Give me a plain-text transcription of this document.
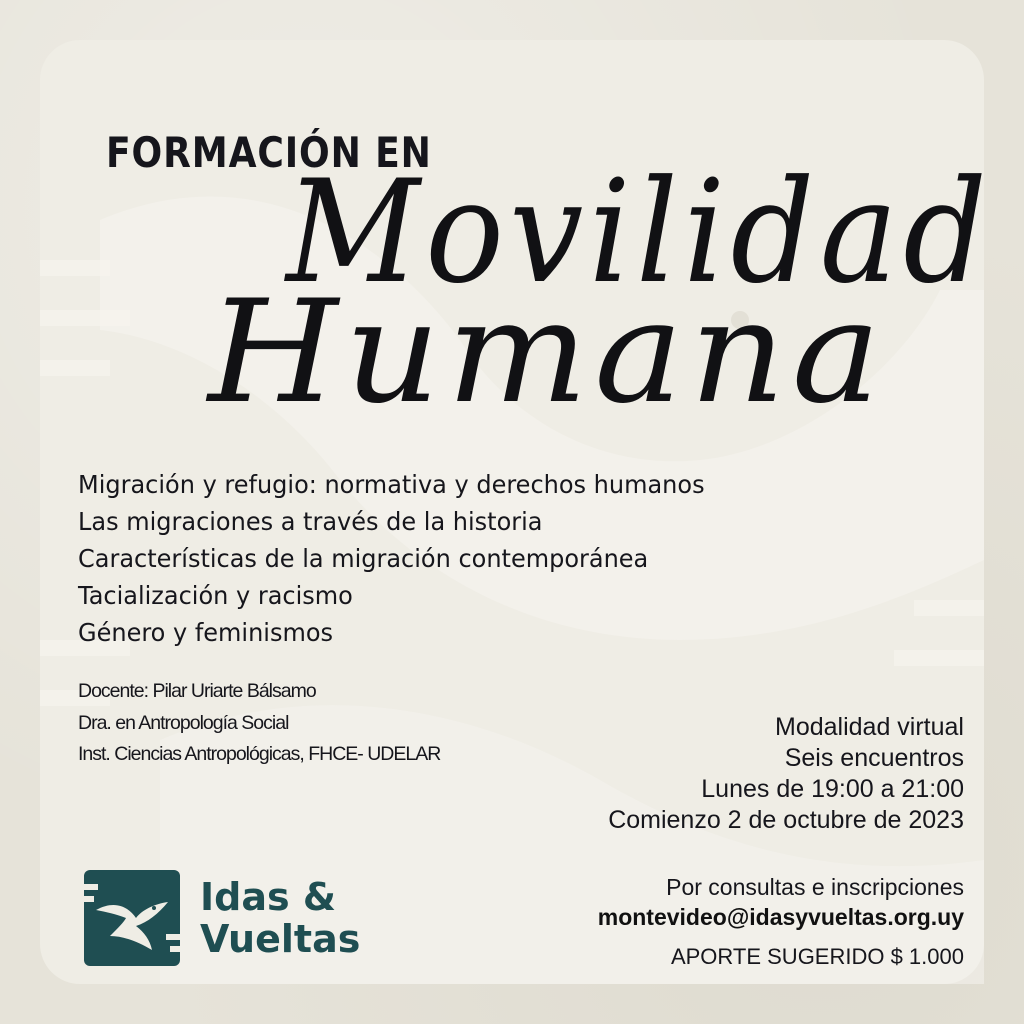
FORMACIÓN EN
Movilidad
Humana
Migración y refugio: normativa y derechos humanos
Las migraciones a través de la historia
Características de la migración contemporánea
Tacialización y racismo
Género y feminismos
Docente: Pilar Uriarte Bálsamo
Dra. en Antropología Social
Inst. Ciencias Antropológicas, FHCE- UDELAR
Modalidad virtual
Seis encuentros
Lunes de 19:00 a 21:00
Comienzo 2 de octubre de 2023
Idas &
Vueltas
Por consultas e inscripciones
montevideo@idasyvueltas.org.uy
APORTE SUGERIDO $ 1.000
